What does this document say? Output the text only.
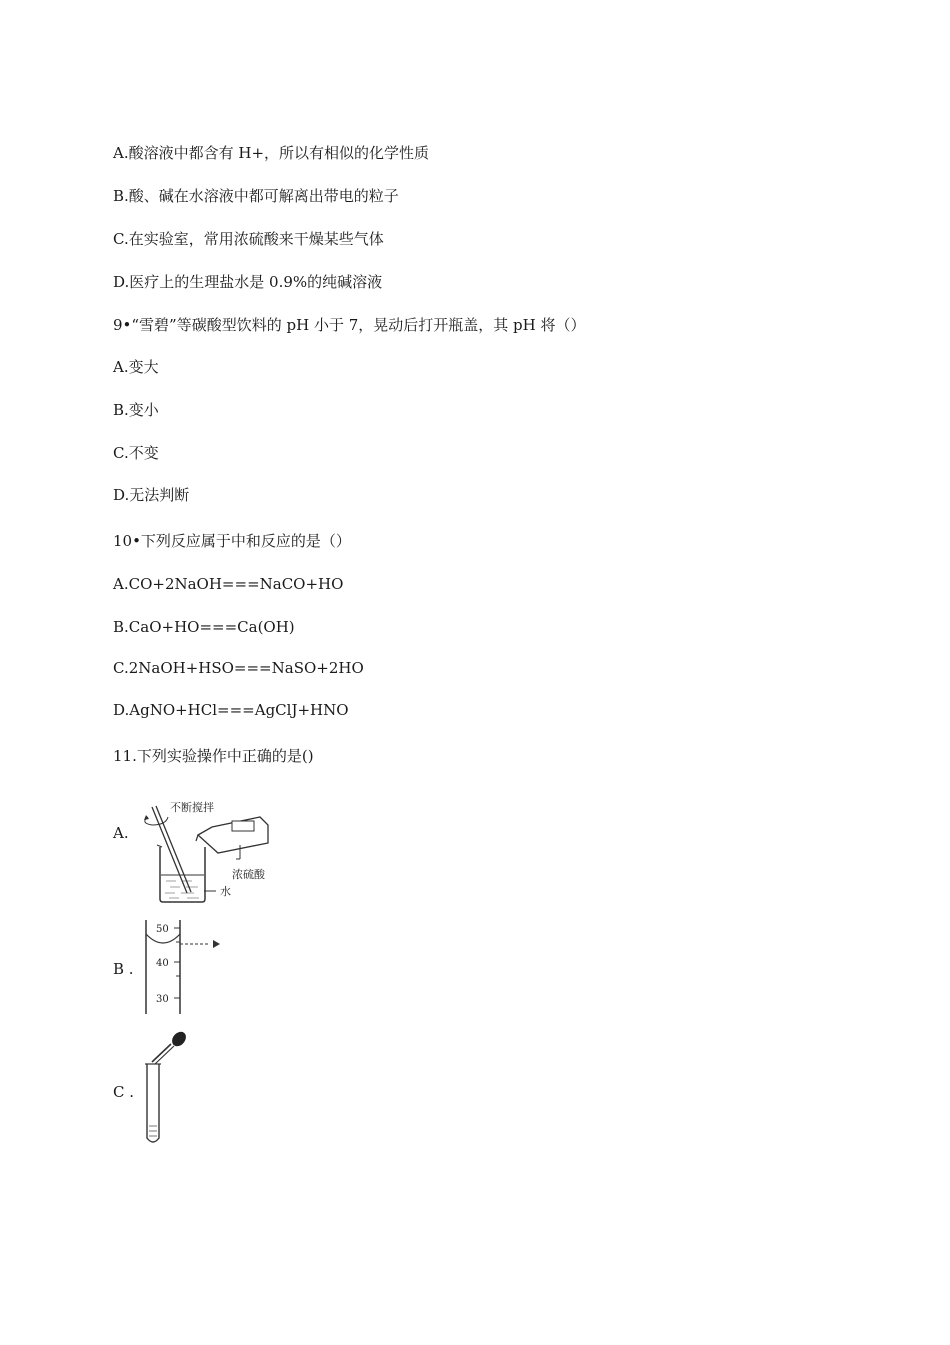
A.酸溶液中都含有 H+，所以有相似的化学性质
B.酸、碱在水溶液中都可解离出带电的粒子
C.在实验室，常用浓硫酸来干燥某些气体
D.医疗上的生理盐水是 0.9%的纯碱溶液
9•“雪碧”等碳酸型饮料的 pH 小于 7，晃动后打开瓶盖，其 pH 将（）
A.变大
B.变小
C.不变
D.无法判断
10•下列反应属于中和反应的是（）
A.CO+2NaOH===NaCO+HO
B.CaO+HO===Ca(OH)
C.2NaOH+HSO===NaSO+2HO
D.AgNO+HCl===AgClJ+HNO
11.下列实验操作中正确的是()
A.
不断搅拌
浓硫酸
水
B .
50
40
30
C .
